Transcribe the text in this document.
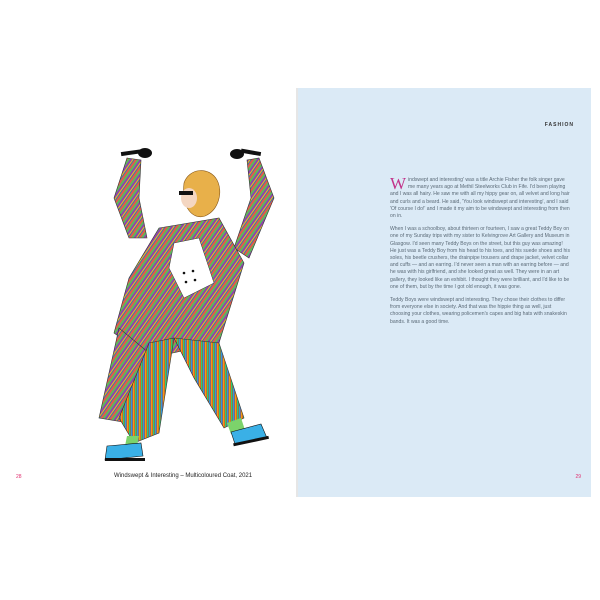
Windswept & Interesting – Multicoloured Coat, 2021
28
FASHION

Windswept and interesting' was a title Archie Fisher the folk singer gave me many years ago at Methil Steelworks Club in Fife. I'd been playing and I was all hairy. He saw me with all my hippy gear on, all velvet and long hair and curls and a beard. He said, 'You look windswept and interesting', and I said 'Of course I do!' and I made it my aim to be windswept and interesting from then on in.

When I was a schoolboy, about thirteen or fourteen, I saw a great Teddy Boy on one of my Sunday trips with my sister to Kelvingrove Art Gallery and Museum in Glasgow. I'd seen many Teddy Boys on the street, but this guy was amazing! He just was a Teddy Boy from his head to his toes, and his suede shoes and his soles, his beetle crushers, the drainpipe trousers and drape jacket, velvet collar and cuffs — and an earring. I'd never seen a man with an earring before — and he was with his girlfriend, and she looked great as well. They were in an art gallery, they looked like an exhibit. I thought they were brilliant, and I'd like to be one of them, but by the time I got old enough, it was gone.

Teddy Boys were windswept and interesting. They chose their clothes to differ from everyone else in society. And that was the hippie thing as well, just choosing your clothes, wearing policemen's capes and big hats with snakeskin bands. It was a good time.

29
